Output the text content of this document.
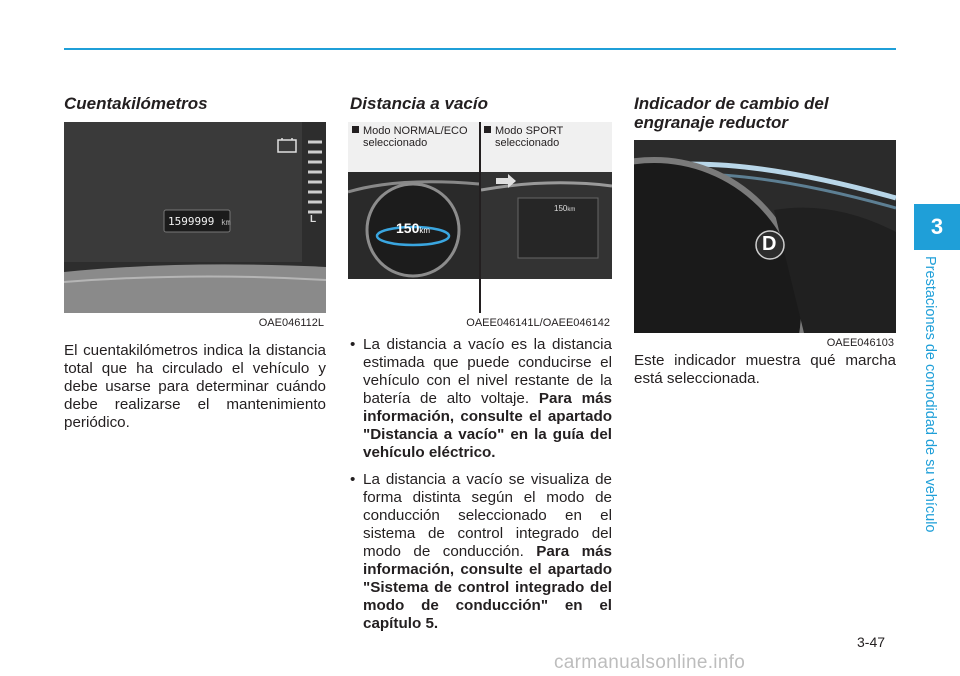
Cuentakilómetros
1599999 km	L
OAE046112L
El cuentakilómetros indica la distancia total que ha circulado el vehículo y debe usarse para determinar cuándo debe realizarse el mantenimiento periódico.
Distancia a vacío
Modo NORMAL/ECO
seleccionado
Modo SPORT
seleccionado
150km
150km
OAEE046141L/OAEE046142
• La distancia a vacío es la distancia estimada que puede conducirse el vehículo con el nivel restante de la batería de alto voltaje. Para más información, consulte el apartado "Distancia a vacío" en la guía del vehículo eléctrico.
• La distancia a vacío se visualiza de forma distinta según el modo de conducción seleccionado en el sistema de control integrado del modo de conducción. Para más información, consulte el apartado "Sistema de control integrado del modo de conducción" en el capítulo 5.
Indicador de cambio del
engranaje reductor
D
OAEE046103
Este indicador muestra qué marcha está seleccionada.
3
Prestaciones de comodidad de su vehículo
3-47
carmanualsonline.info
